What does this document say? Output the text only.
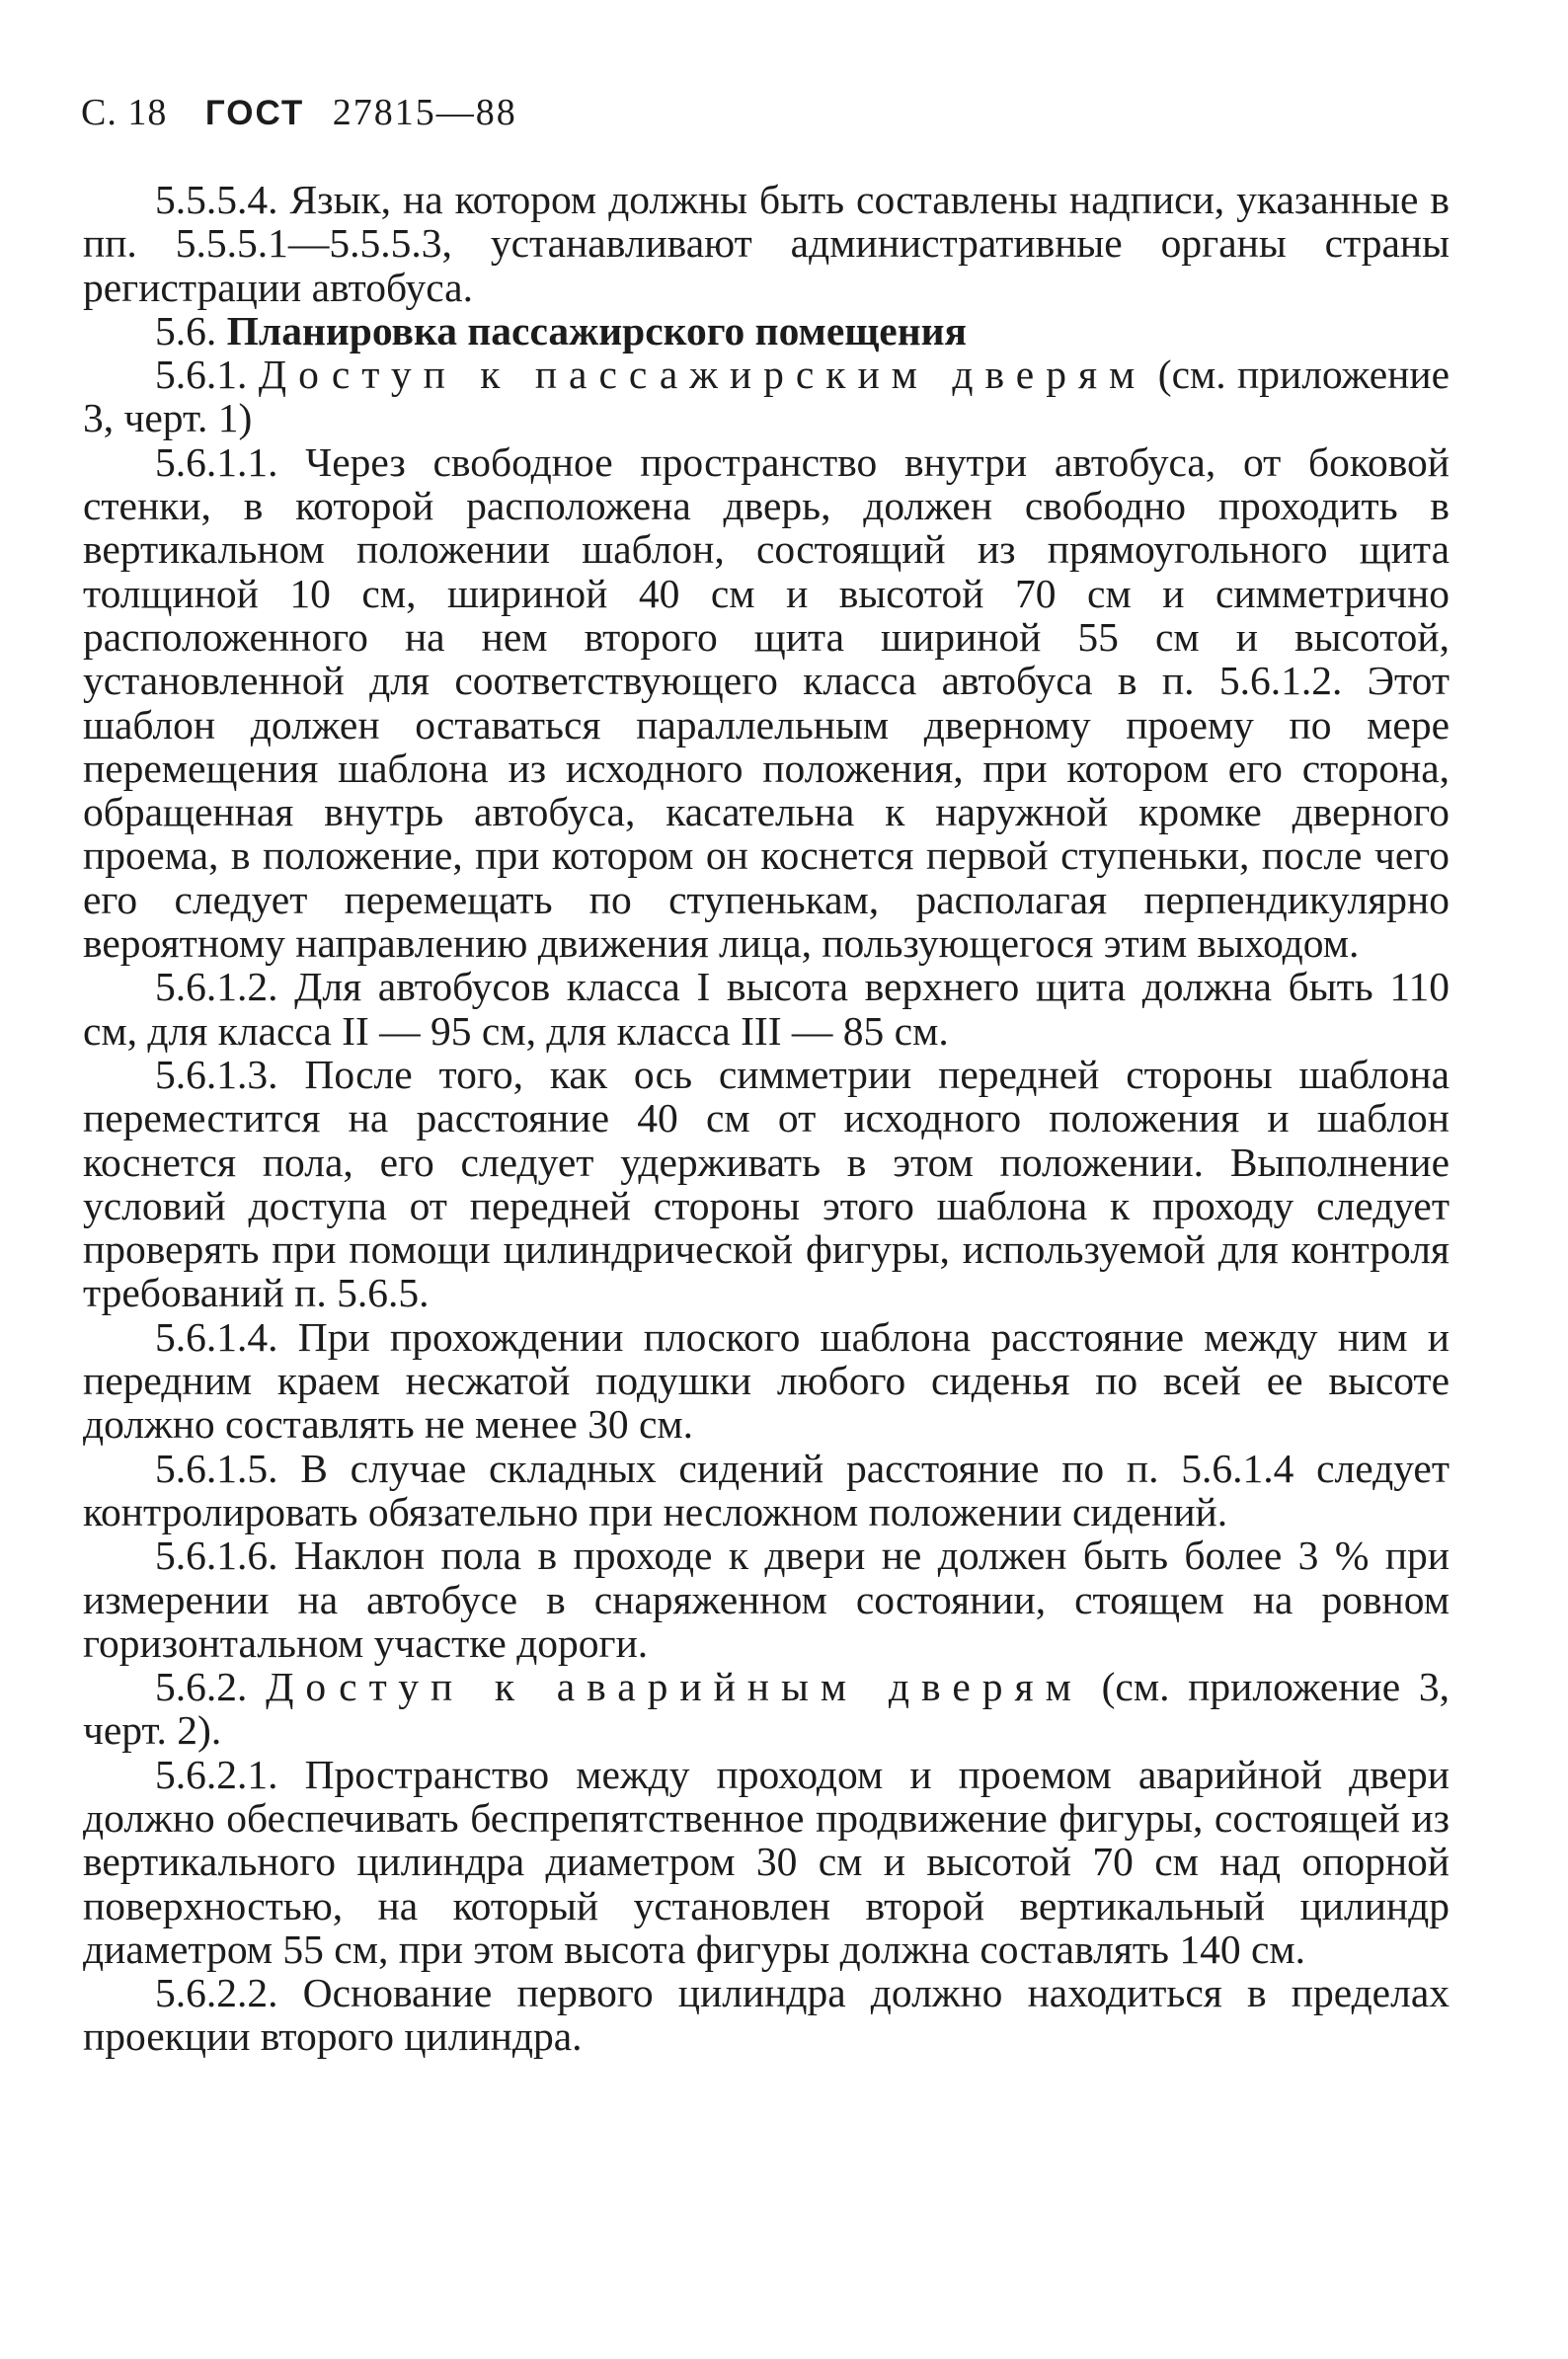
С. 18 ГОСТ 27815—88

5.5.5.4. Язык, на котором должны быть составлены надписи, указанные в пп. 5.5.5.1—5.5.5.3, устанавливают административные органы страны регистрации автобуса.

5.6. Планировка пассажирского помещения

5.6.1. Доступ к пассажирским дверям (см. приложение 3, черт. 1)

5.6.1.1. Через свободное пространство внутри автобуса, от боковой стенки, в которой расположена дверь, должен свободно проходить в вертикальном положении шаблон, состоящий из прямоугольного щита толщиной 10 см, шириной 40 см и высотой 70 см и симметрично расположенного на нем второго щита шириной 55 см и высотой, установленной для соответствующего класса автобуса в п. 5.6.1.2. Этот шаблон должен оставаться параллельным дверному проему по мере перемещения шаблона из исходного положения, при котором его сторона, обращенная внутрь автобуса, касательна к наружной кромке дверного проема, в положение, при котором он коснется первой ступеньки, после чего его следует перемещать по ступенькам, располагая перпендикулярно вероятному направлению движения лица, пользующегося этим выходом.

5.6.1.2. Для автобусов класса I высота верхнего щита должна быть 110 см, для класса II — 95 см, для класса III — 85 см.

5.6.1.3. После того, как ось симметрии передней стороны шаблона переместится на расстояние 40 см от исходного положения и шаблон коснется пола, его следует удерживать в этом положении. Выполнение условий доступа от передней стороны этого шаблона к проходу следует проверять при помощи цилиндрической фигуры, используемой для контроля требований п. 5.6.5.

5.6.1.4. При прохождении плоского шаблона расстояние между ним и передним краем несжатой подушки любого сиденья по всей ее высоте должно составлять не менее 30 см.

5.6.1.5. В случае складных сидений расстояние по п. 5.6.1.4 следует контролировать обязательно при несложном положении сидений.

5.6.1.6. Наклон пола в проходе к двери не должен быть более 3 % при измерении на автобусе в снаряженном состоянии, стоящем на ровном горизонтальном участке дороги.

5.6.2. Доступ к аварийным дверям (см. приложение 3, черт. 2).

5.6.2.1. Пространство между проходом и проемом аварийной двери должно обеспечивать беспрепятственное продвижение фигуры, состоящей из вертикального цилиндра диаметром 30 см и высотой 70 см над опорной поверхностью, на который установлен второй вертикальный цилиндр диаметром 55 см, при этом высота фигуры должна составлять 140 см.

5.6.2.2. Основание первого цилиндра должно находиться в пределах проекции второго цилиндра.
